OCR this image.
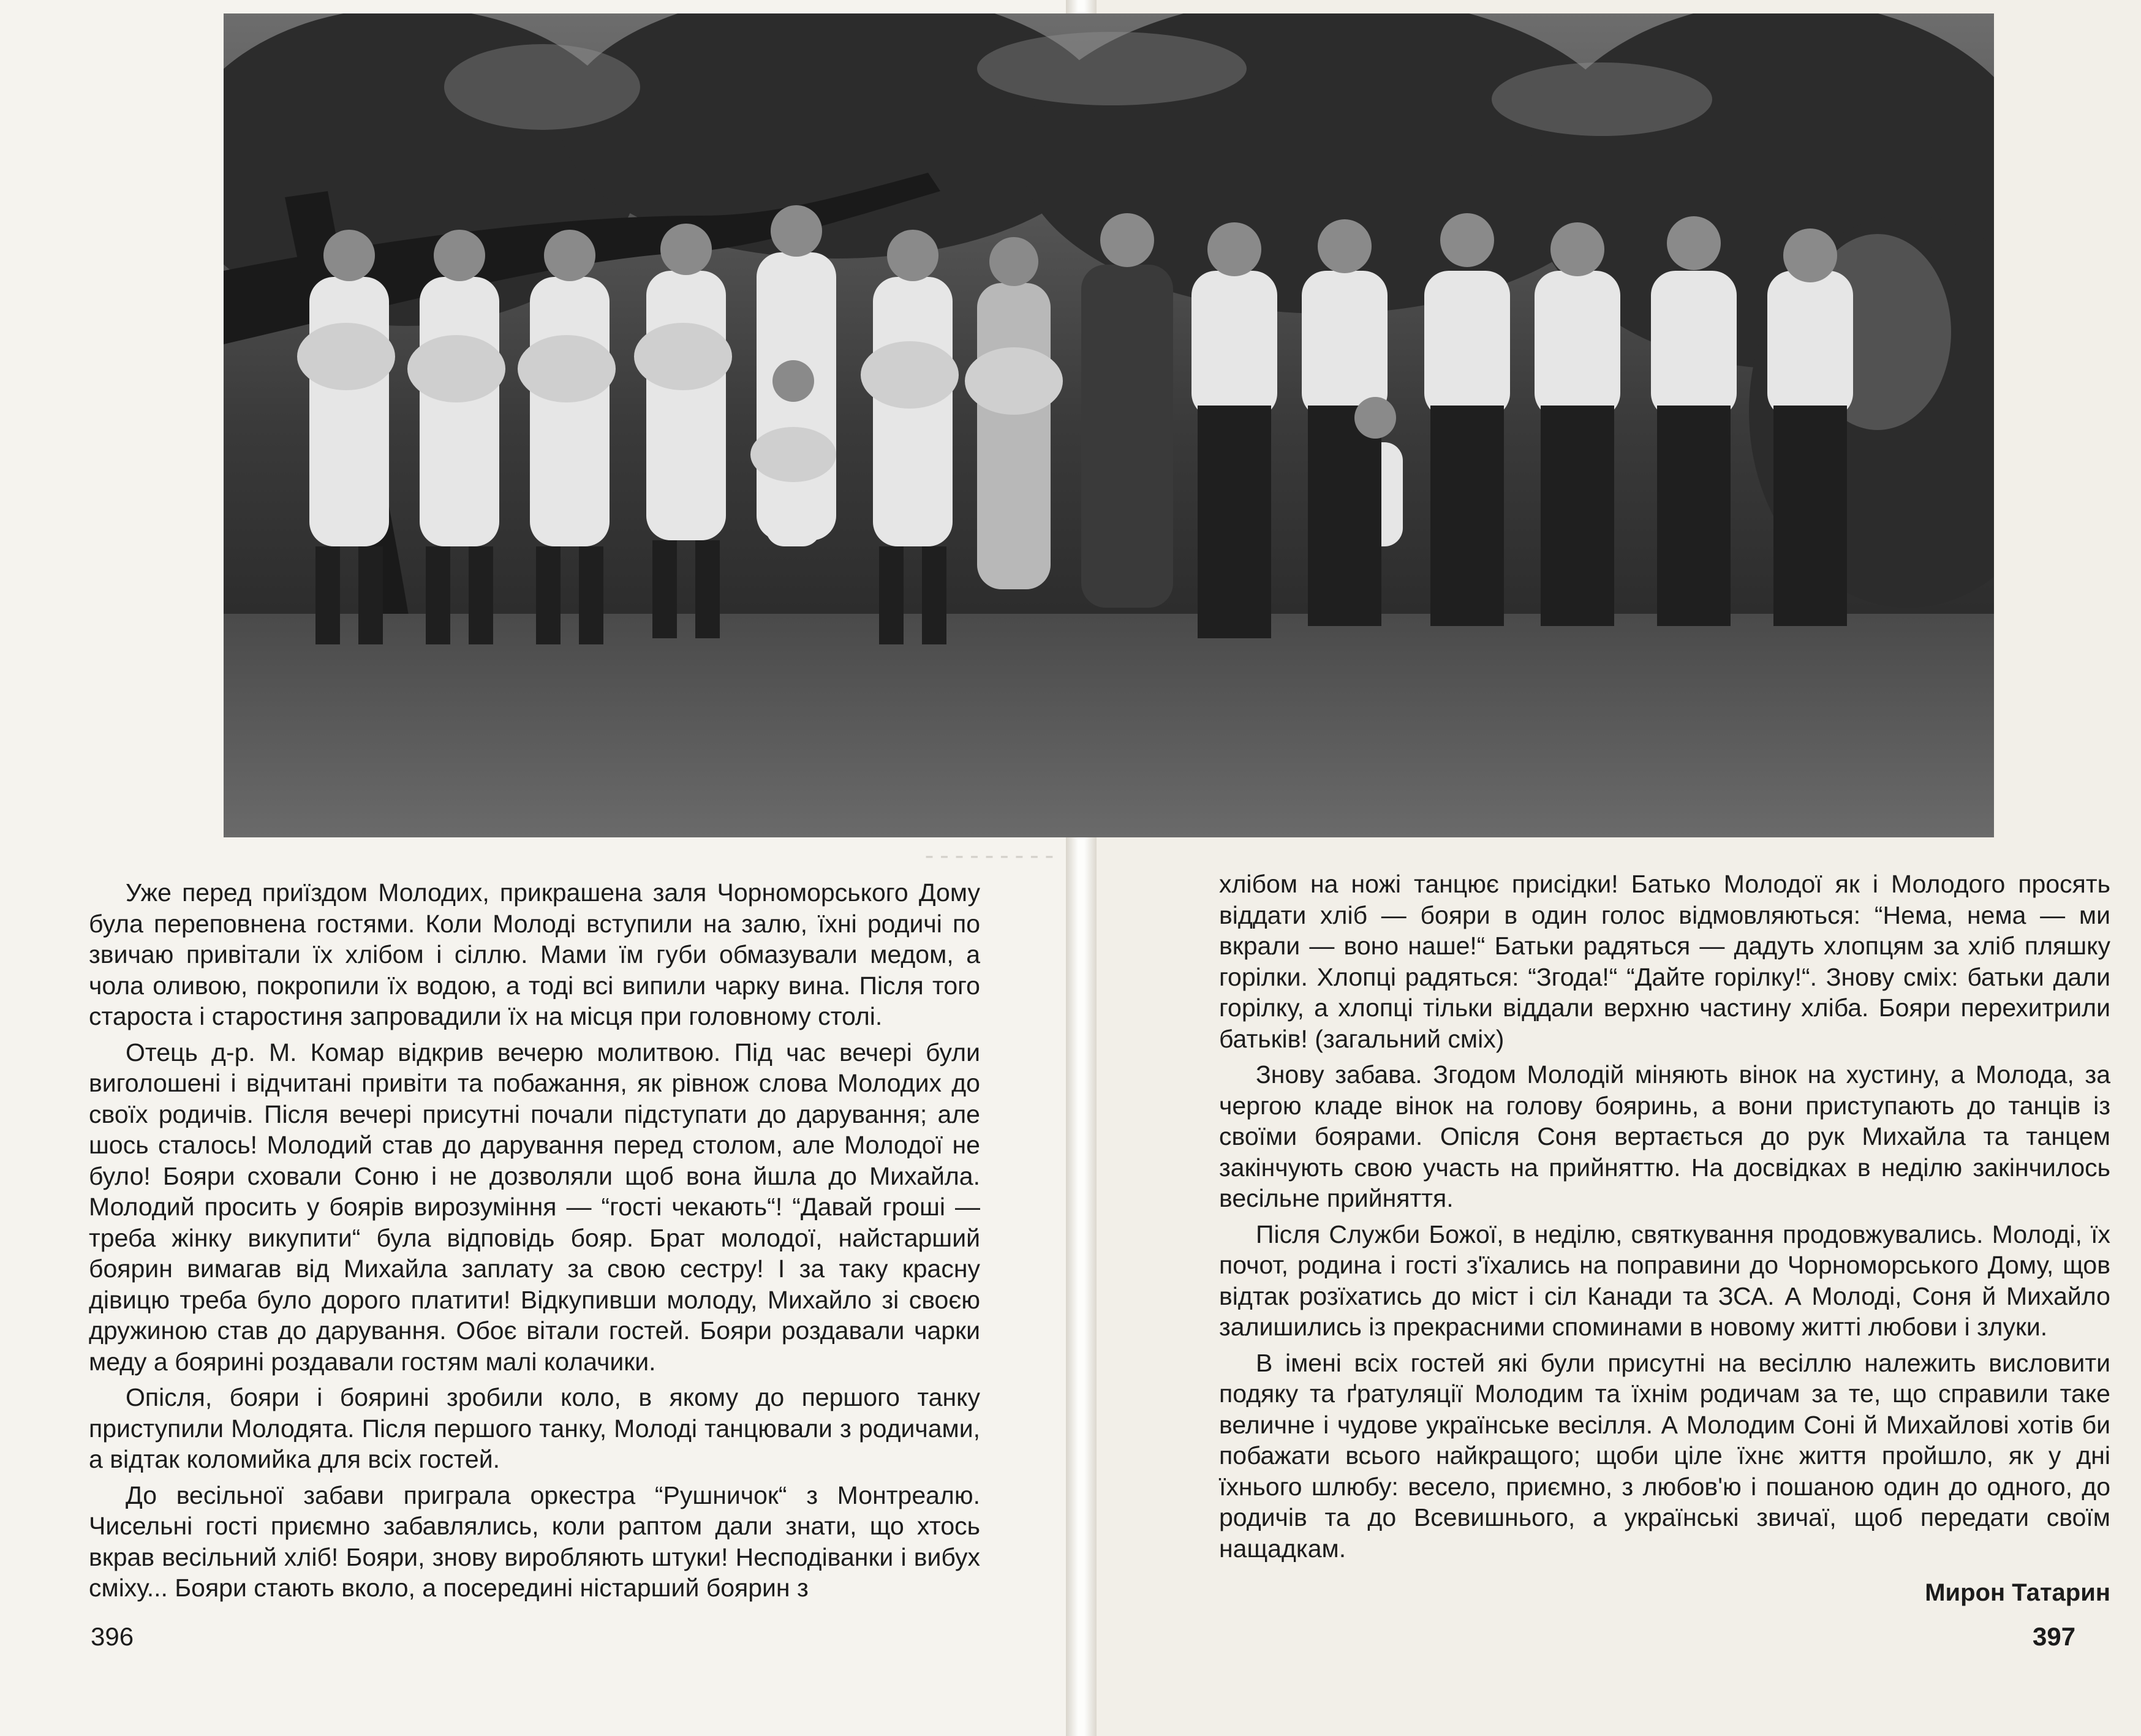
- - - - - - - - -

Уже перед приїздом Молодих, прикрашена заля Чорноморського Дому була переповнена гостями. Коли Молоді вступили на залю, їхні родичі по звичаю привітали їх хлібом і сіллю. Мами їм губи обмазували медом, а чола оливою, покропили їх водою, а тоді всі випили чарку вина. Після того староста і старостиня запровадили їх на місця при головному столі.

Отець д-р. М. Комар відкрив вечерю молитвою. Під час вечері були виголошені і відчитані привіти та побажання, як рівнож слова Молодих до своїх родичів. Після вечері присутні почали підступати до дарування; але шось сталось! Молодий став до дарування перед столом, але Молодої не було! Бояри сховали Соню і не дозволяли щоб вона йшла до Михайла. Молодий просить у боярів вирозуміння — “гості чекають“! “Давай гроші — треба жінку викупити“ була відповідь бояр. Брат молодої, найстарший боярин вимагав від Михайла заплату за свою сестру! І за таку красну дівицю треба було дорого платити! Відкупивши молоду, Михайло зі своєю дружиною став до дарування. Обоє вітали гостей. Бояри роздавали чарки меду а боярині роздавали гостям малі колачики.

Опісля, бояри і боярині зробили коло, в якому до першого танку приступили Молодята. Після першого танку, Молоді танцювали з родичами, а відтак коломийка для всіх гостей.

До весільної забави приграла оркестра “Рушничок“ з Монтреалю. Чисельні гості приємно забавлялись, коли раптом дали знати, що хтось вкрав весільний хліб! Бояри, знову виробляють штуки! Несподіванки і вибух сміху... Бояри стають вколо, а посередині ністарший боярин з

396

хлібом на ножі танцює присідки! Батько Молодої як і Молодого просять віддати хліб — бояри в один голос відмовляються: “Нема, нема — ми вкрали — воно наше!“ Батьки радяться — дадуть хлопцям за хліб пляшку горілки. Хлопці радяться: “Згода!“ “Дайте горілку!“. Знову сміх: батьки дали горілку, а хлопці тільки віддали верхню частину хліба. Бояри перехитрили батьків! (загальний сміх)

Знову забава. Згодом Молодій міняють вінок на хустину, а Молода, за чергою кладе вінок на голову бояринь, а вони приступають до танців із своїми боярами. Опісля Соня вертається до рук Михайла та танцем закінчують свою участь на прийняттю. На досвідках в неділю закінчилось весільне прийняття.

Після Служби Божої, в неділю, святкування продовжувались. Молоді, їх почот, родина і гості з'їхались на поправини до Чорноморського Дому, щов відтак розїхатись до міст і сіл Канади та ЗСА. А Молоді, Соня й Михайло залишились із прекрасними споминами в новому житті любови і злуки.

В імені всіх гостей які були присутні на весіллю належить висловити подяку та ґратуляції Молодим та їхнім родичам за те, що справили таке величне і чудове українське весілля. А Молодим Соні й Михайлові хотів би побажати всього найкращого; щоби ціле їхнє життя пройшло, як у дні їхнього шлюбу: весело, приємно, з любов'ю і пошаною один до одного, до родичів та до Всевишнього, а українські звичаї, щоб передати своїм нащадкам.

Мирон Татарин
397
